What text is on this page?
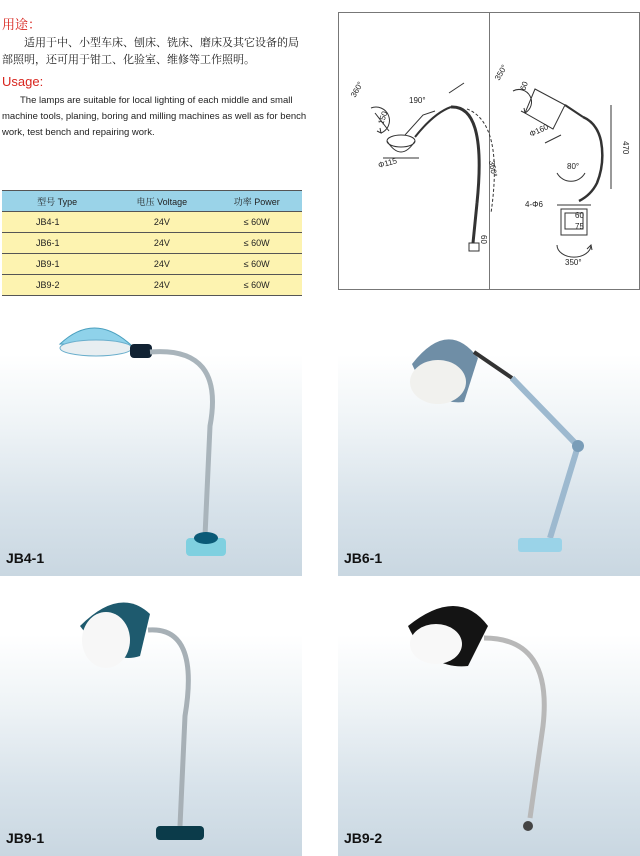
用途：
适用于中、小型车床、刨床、铣床、磨床及其它设备的局部照明，还可用于钳工、化验室、维修等工作照明。
Usage:
The lamps are suitable for local lighting of each middle and small machine tools, planing, boring and milling machines as well as for bench work, test bench and repairing work.
型号 Type	电压 Voltage	功率 Power
JB4-1	24V	≤ 60W
JB6-1	24V	≤ 60W
JB9-1	24V	≤ 60W
JB9-2	24V	≤ 60W
360°
150
190°
Φ115	360°
60
350°
60
Φ160
470
80°
4-Φ6
60
75
350°
JB4-1	JB6-1
JB9-1	JB9-2
